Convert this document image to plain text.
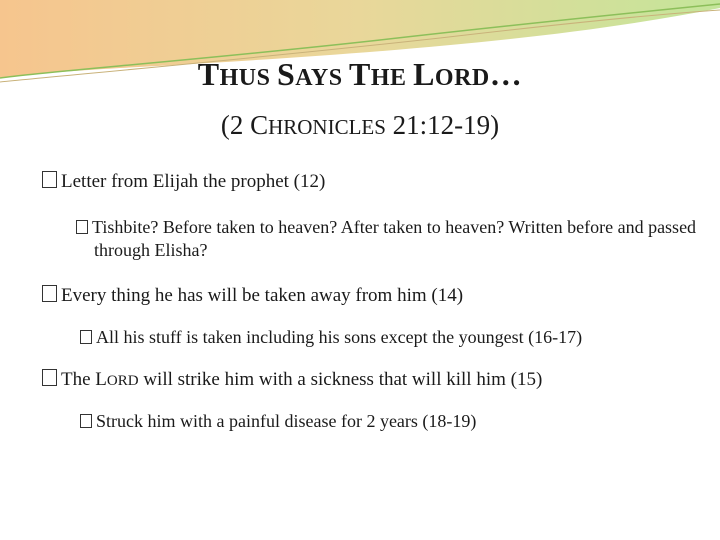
THUS SAYS THE LORD…
(2 CHRONICLES 21:12-19)
Letter from Elijah the prophet (12)
Tishbite? Before taken to heaven? After taken to heaven? Written before and passed through Elisha?
Every thing he has will be taken away from him (14)
All his stuff is taken including his sons except the youngest (16-17)
The LORD will strike him with a sickness that will kill him (15)
Struck him with a painful disease for 2 years (18-19)
